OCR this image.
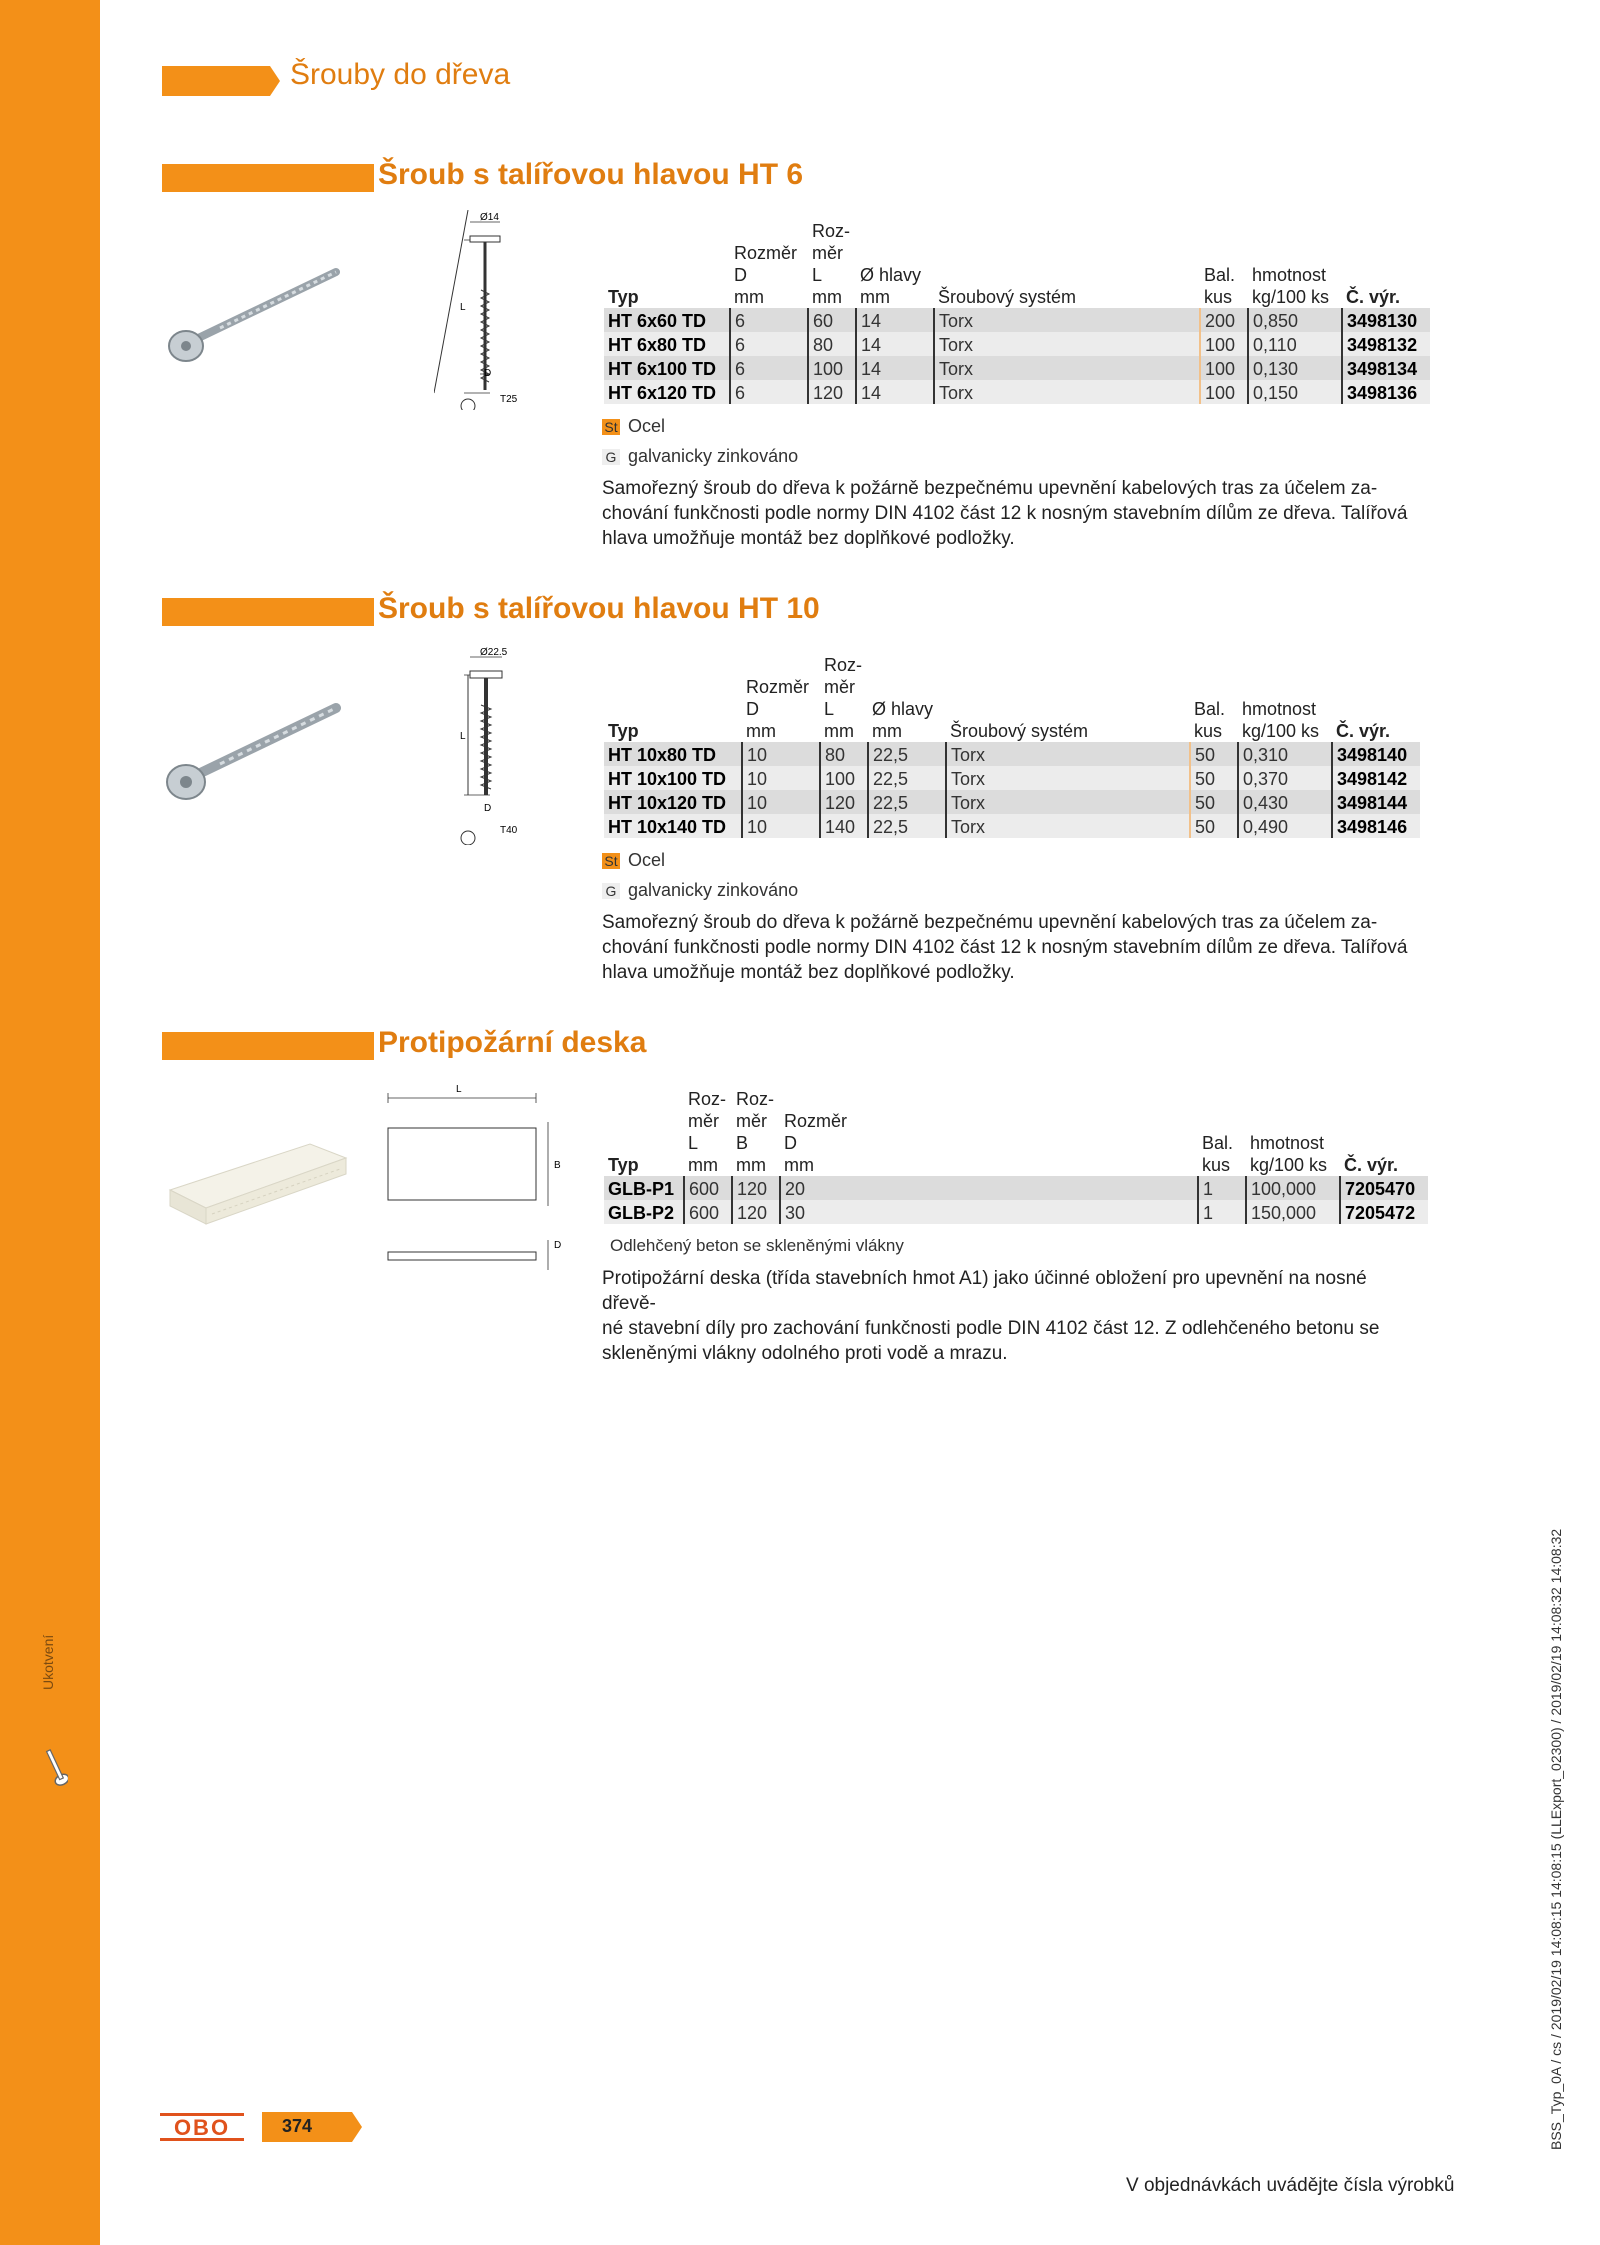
Ukotvení
Šrouby do dřeva
Šroub s talířovou hlavou HT 6
Ø14
L
D
T25
Typ	Rozměr
D
mm	Roz-
měr
L
mm	Ø hlavy
mm	Šroubový systém	Bal.
kus	hmotnost
kg/100 ks	Č. výr.
HT 6x60 TD	6	60	14	Torx	200	0,850	3498130
HT 6x80 TD	6	80	14	Torx	100	0,110	3498132
HT 6x100 TD	6	100	14	Torx	100	0,130	3498134
HT 6x120 TD	6	120	14	Torx	100	0,150	3498136
St Ocel
G galvanicky zinkováno
Samořezný šroub do dřeva k požárně bezpečnému upevnění kabelových tras za účelem za-
chování funkčnosti podle normy DIN 4102 část 12 k nosným stavebním dílům ze dřeva. Talířová
hlava umožňuje montáž bez doplňkové podložky.
Šroub s talířovou hlavou HT 10
Ø22.5
L
D
T40
Typ	Rozměr
D
mm	Roz-
měr
L
mm	Ø hlavy
mm	Šroubový systém	Bal.
kus	hmotnost
kg/100 ks	Č. výr.
HT 10x80 TD	10	80	22,5	Torx	50	0,310	3498140
HT 10x100 TD	10	100	22,5	Torx	50	0,370	3498142
HT 10x120 TD	10	120	22,5	Torx	50	0,430	3498144
HT 10x140 TD	10	140	22,5	Torx	50	0,490	3498146
St Ocel
G galvanicky zinkováno
Samořezný šroub do dřeva k požárně bezpečnému upevnění kabelových tras za účelem za-
chování funkčnosti podle normy DIN 4102 část 12 k nosným stavebním dílům ze dřeva. Talířová
hlava umožňuje montáž bez doplňkové podložky.
Protipožární deska
L
B
D
Typ	Roz-
měr
L
mm	Roz-
měr
B
mm	Rozměr
D
mm	Bal.
kus	hmotnost
kg/100 ks	Č. výr.
GLB-P1	600	120	20	1	100,000	7205470
GLB-P2	600	120	30	1	150,000	7205472
Odlehčený beton se skleněnými vlákny
Protipožární deska (třída stavebních hmot A1) jako účinné obložení pro upevnění na nosné dřevě-
né stavební díly pro zachování funkčnosti podle DIN 4102 část 12. Z odlehčeného betonu se
skleněnými vlákny odolného proti vodě a mrazu.
OBO	374
V objednávkách uvádějte čísla výrobků
BSS_Typ_0A / cs / 2019/02/19 14:08:15 14:08:15 (LLExport_02300) / 2019/02/19 14:08:32 14:08:32
